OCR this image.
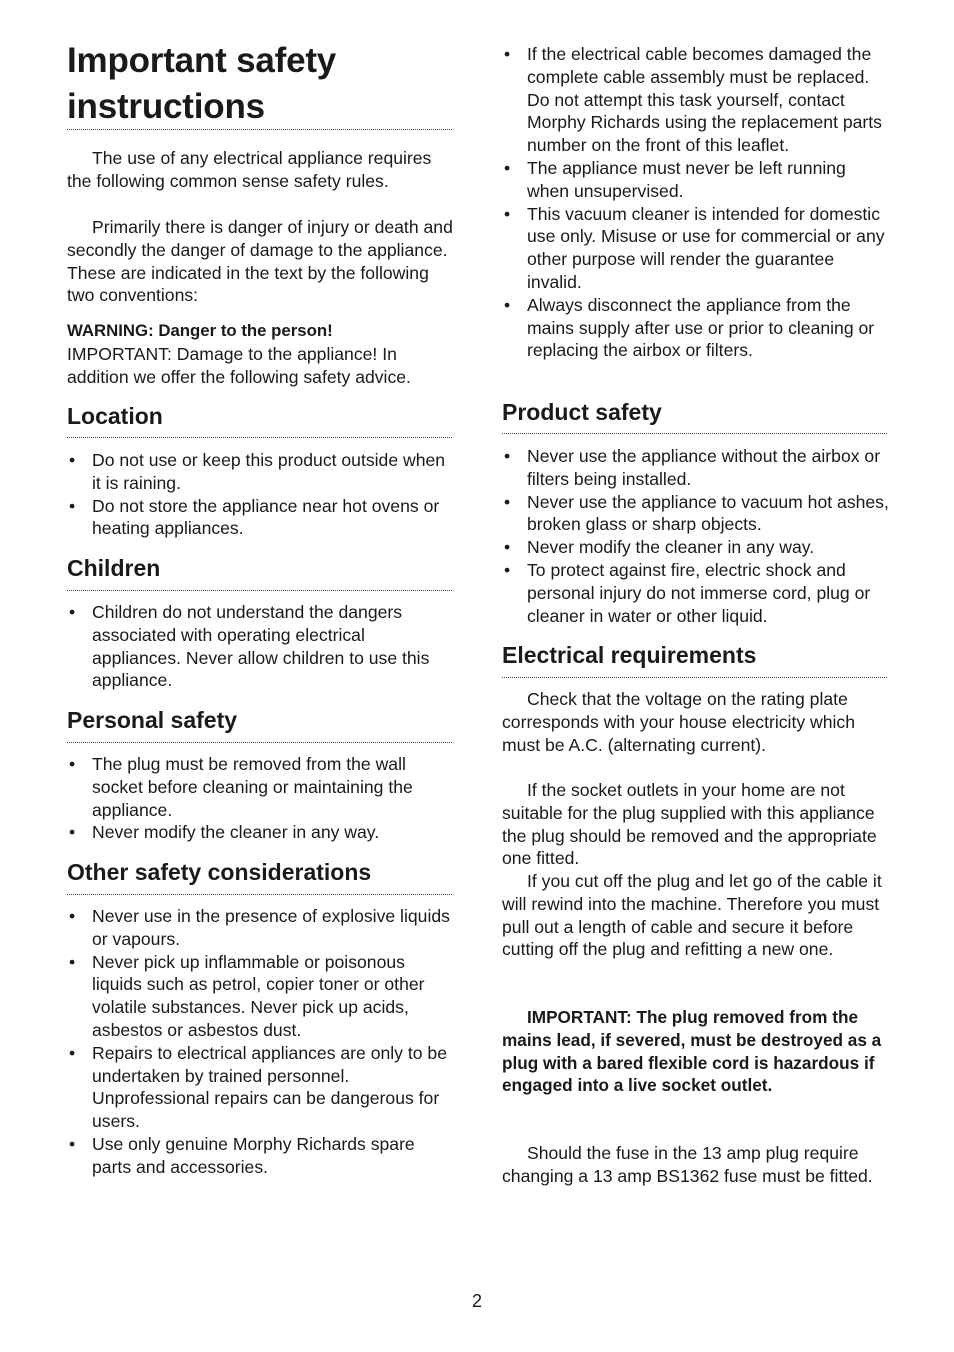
Important safety instructions

The use of any electrical appliance requires the following common sense safety rules.

Primarily there is danger of injury or death and secondly the danger of damage to the appliance. These are indicated in the text by the following two conventions:

WARNING: Danger to the person!
IMPORTANT: Damage to the appliance! In addition we offer the following safety advice.

Location
• Do not use or keep this product outside when it is raining.
• Do not store the appliance near hot ovens or heating appliances.
Children
• Children do not understand the dangers associated with operating electrical appliances. Never allow children to use this appliance.
Personal safety
• The plug must be removed from the wall socket before cleaning or maintaining the appliance.
• Never modify the cleaner in any way.
Other safety considerations
• Never use in the presence of explosive liquids or vapours.
• Never pick up inflammable or poisonous liquids such as petrol, copier toner or other volatile substances. Never pick up acids, asbestos or asbestos dust.
• Repairs to electrical appliances are only to be undertaken by trained personnel. Unprofessional repairs can be dangerous for users.
• Use only genuine Morphy Richards spare parts and accessories.
• If the electrical cable becomes damaged the complete cable assembly must be replaced. Do not attempt this task yourself, contact Morphy Richards using the replacement parts number on the front of this leaflet.
• The appliance must never be left running when unsupervised.
• This vacuum cleaner is intended for domestic use only. Misuse or use for commercial or any other purpose will render the guarantee invalid.
• Always disconnect the appliance from the mains supply after use or prior to cleaning or replacing the airbox or filters.
Product safety
• Never use the appliance without the airbox or filters being installed.
• Never use the appliance to vacuum hot ashes, broken glass or sharp objects.
• Never modify the cleaner in any way.
• To protect against fire, electric shock and personal injury do not immerse cord, plug or cleaner in water or other liquid.
Electrical requirements

Check that the voltage on the rating plate corresponds with your house electricity which must be A.C. (alternating current).

If the socket outlets in your home are not suitable for the plug supplied with this appliance the plug should be removed and the appropriate one fitted.

If you cut off the plug and let go of the cable it will rewind into the machine. Therefore you must pull out a length of cable and secure it before cutting off the plug and refitting a new one.

IMPORTANT: The plug removed from the mains lead, if severed, must be destroyed as a plug with a bared flexible cord is hazardous if engaged into a live socket outlet.

Should the fuse in the 13 amp plug require changing a 13 amp BS1362 fuse must be fitted.

2
